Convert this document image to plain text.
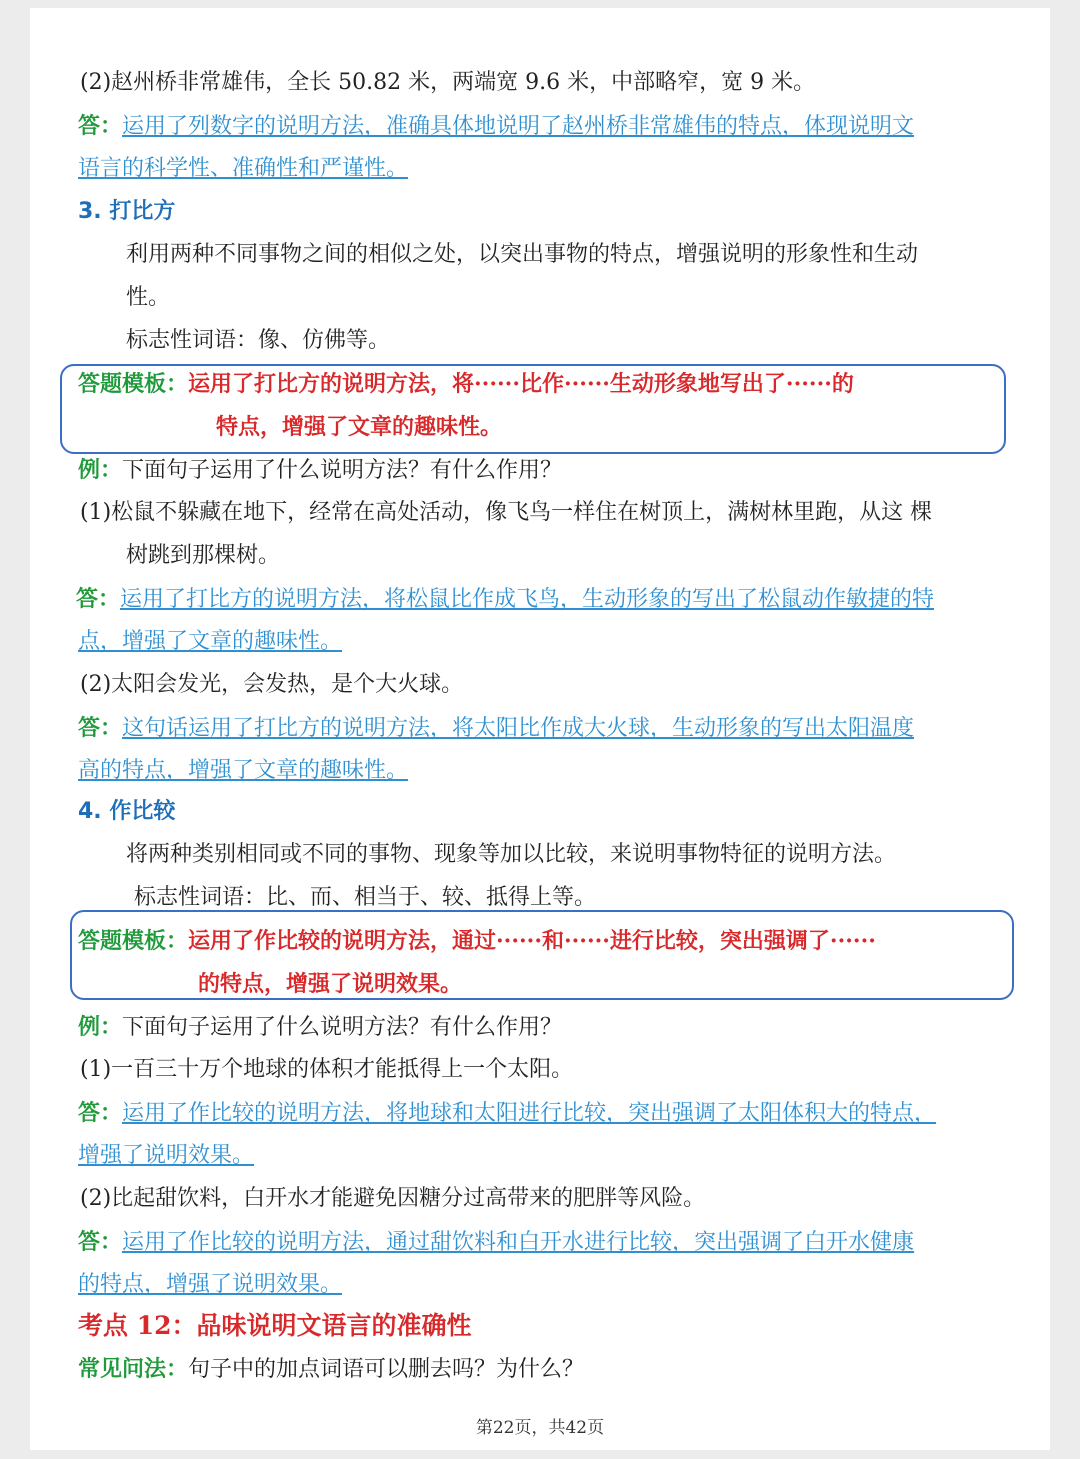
(2)赵州桥非常雄伟，全长 50.82 米，两端宽 9.6 米，中部略窄，宽 9 米。
答：运用了列数字的说明方法，准确具体地说明了赵州桥非常雄伟的特点，体现说明文
语言的科学性、准确性和严谨性。
3. 打比方
利用两种不同事物之间的相似之处，以突出事物的特点，增强说明的形象性和生动
性。
标志性词语：像、仿佛等。
答题模板：运用了打比方的说明方法，将······比作······生动形象地写出了······的
特点，增强了文章的趣味性。
例：下面句子运用了什么说明方法？有什么作用？
(1)松鼠不躲藏在地下，经常在高处活动，像飞鸟一样住在树顶上，满树林里跑，从这 棵
树跳到那棵树。
答：运用了打比方的说明方法，将松鼠比作成飞鸟，生动形象的写出了松鼠动作敏捷的特
点，增强了文章的趣味性。
(2)太阳会发光，会发热，是个大火球。
答：这句话运用了打比方的说明方法，将太阳比作成大火球，生动形象的写出太阳温度
高的特点，增强了文章的趣味性。
4. 作比较
将两种类别相同或不同的事物、现象等加以比较，来说明事物特征的说明方法。
标志性词语：比、而、相当于、较、抵得上等。
答题模板：运用了作比较的说明方法，通过······和······进行比较，突出强调了······
的特点，增强了说明效果。
例：下面句子运用了什么说明方法？有什么作用？
(1)一百三十万个地球的体积才能抵得上一个太阳。
答：运用了作比较的说明方法，将地球和太阳进行比较，突出强调了太阳体积大的特点，
增强了说明效果。
(2)比起甜饮料，白开水才能避免因糖分过高带来的肥胖等风险。
答：运用了作比较的说明方法，通过甜饮料和白开水进行比较，突出强调了白开水健康
的特点，增强了说明效果。
考点 12：品味说明文语言的准确性
常见问法：句子中的加点词语可以删去吗？为什么？
第22页，共42页
